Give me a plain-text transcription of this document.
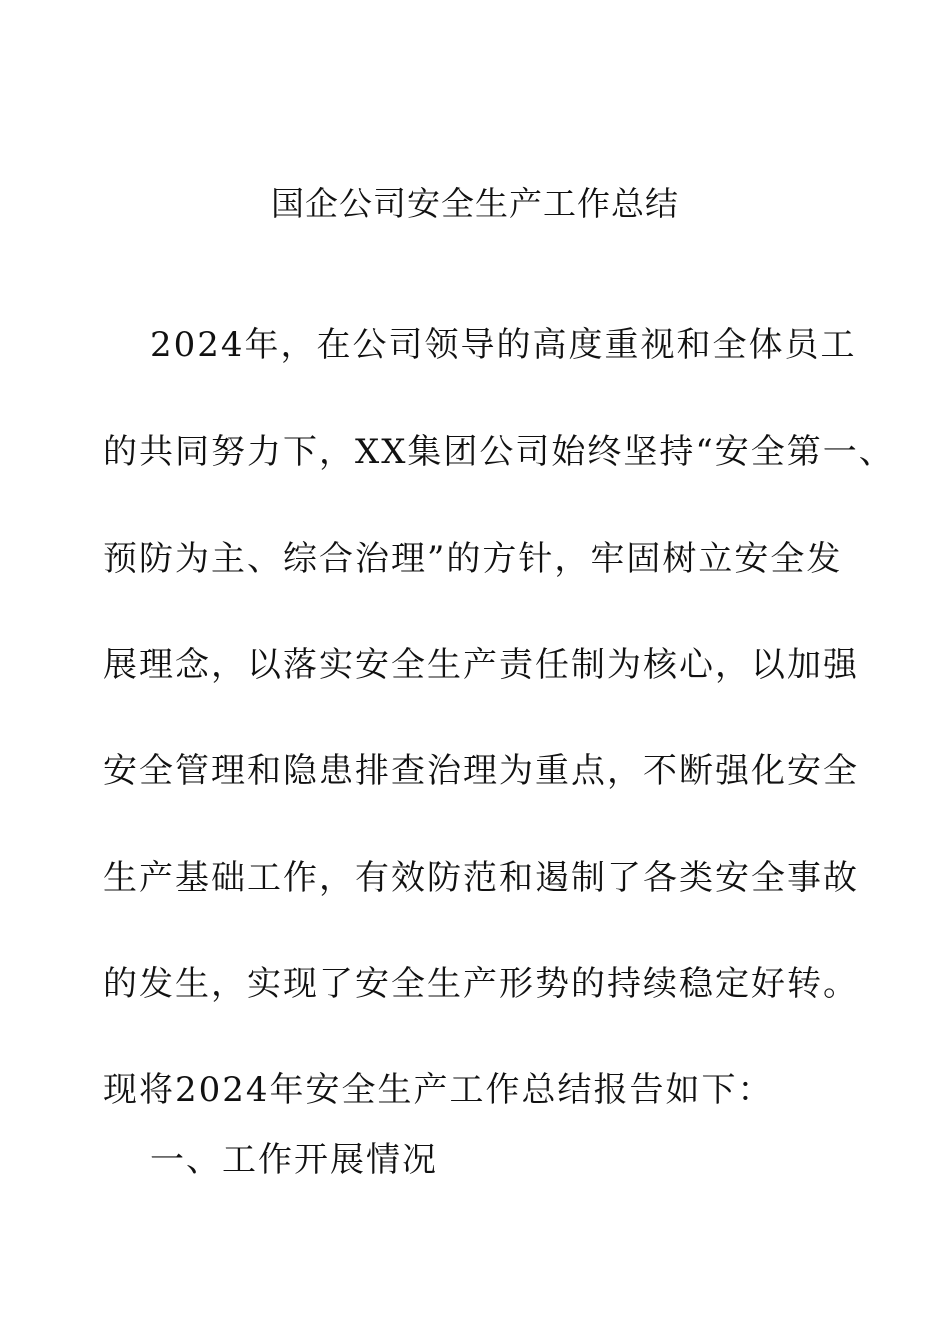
国企公司安全生产工作总结
2024年，在公司领导的高度重视和全体员工
的共同努力下，XX集团公司始终坚持“安全第一、
预防为主、综合治理”的方针，牢固树立安全发
展理念，以落实安全生产责任制为核心，以加强
安全管理和隐患排查治理为重点，不断强化安全
生产基础工作，有效防范和遏制了各类安全事故
的发生，实现了安全生产形势的持续稳定好转。
现将2024年安全生产工作总结报告如下：
一、工作开展情况
